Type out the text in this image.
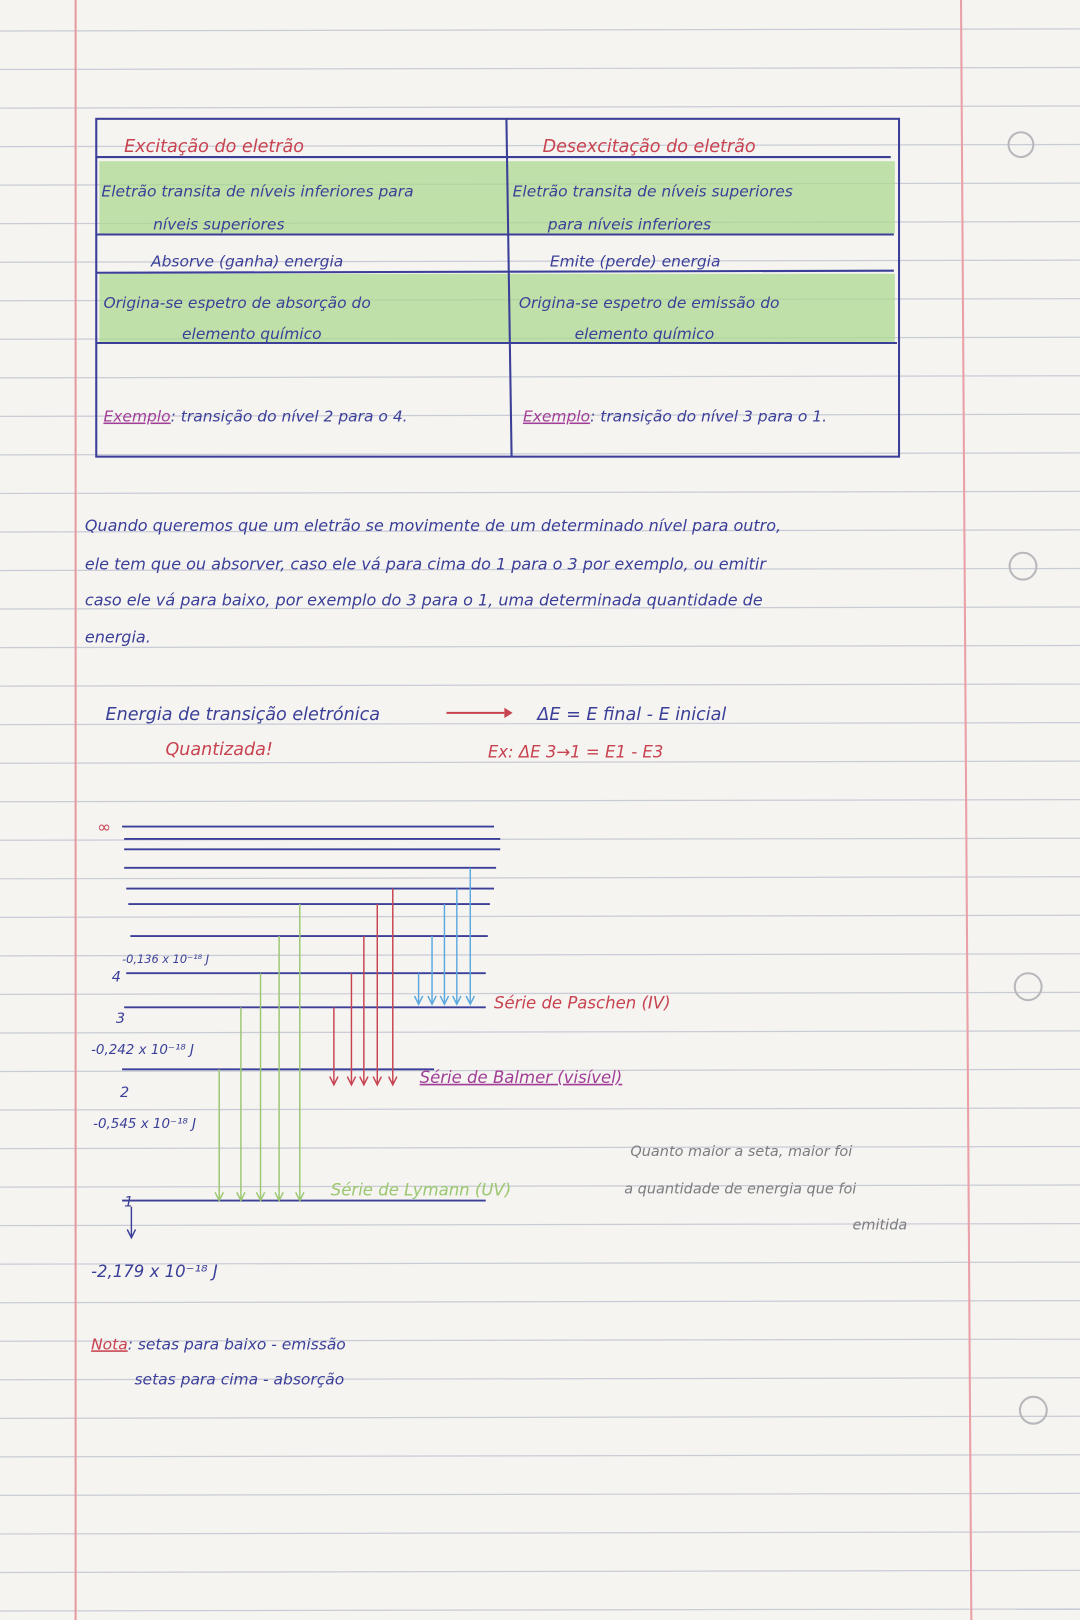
Excitação do eletrão	Desexcitação do eletrão
Eletrão transita de níveis inferiores para	Eletrão transita de níveis superiores
níveis superiores	para níveis inferiores
Absorve (ganha) energia	Emite (perde) energia
Origina-se espetro de absorção do	Origina-se espetro de emissão do
elemento químico	elemento químico
Exemplo: transição do nível 2 para o 4.	Exemplo: transição do nível 3 para o 1.
Quando queremos que um eletrão se movimente de um determinado nível para outro,
ele tem que ou absorver, caso ele vá para cima do 1 para o 3 por exemplo, ou emitir
caso ele vá para baixo, por exemplo do 3 para o 1, uma determinada quantidade de
energia.
Energia de transição eletrónica	ΔE = E final - E inicial
Quantizada!	Ex: ΔE 3→1 = E1 - E3
∞
-0,136 x 10⁻¹⁸ J
4
3
-0,242 x 10⁻¹⁸ J
2
-0,545 x 10⁻¹⁸ J
1
-2,179 x 10⁻¹⁸ J
Série de Paschen (IV)
Série de Balmer (visível)
Série de Lymann (UV)
Quanto maior a seta, maior foi
a quantidade de energia que foi
emitida
Nota: setas para baixo - emissão
setas para cima - absorção
